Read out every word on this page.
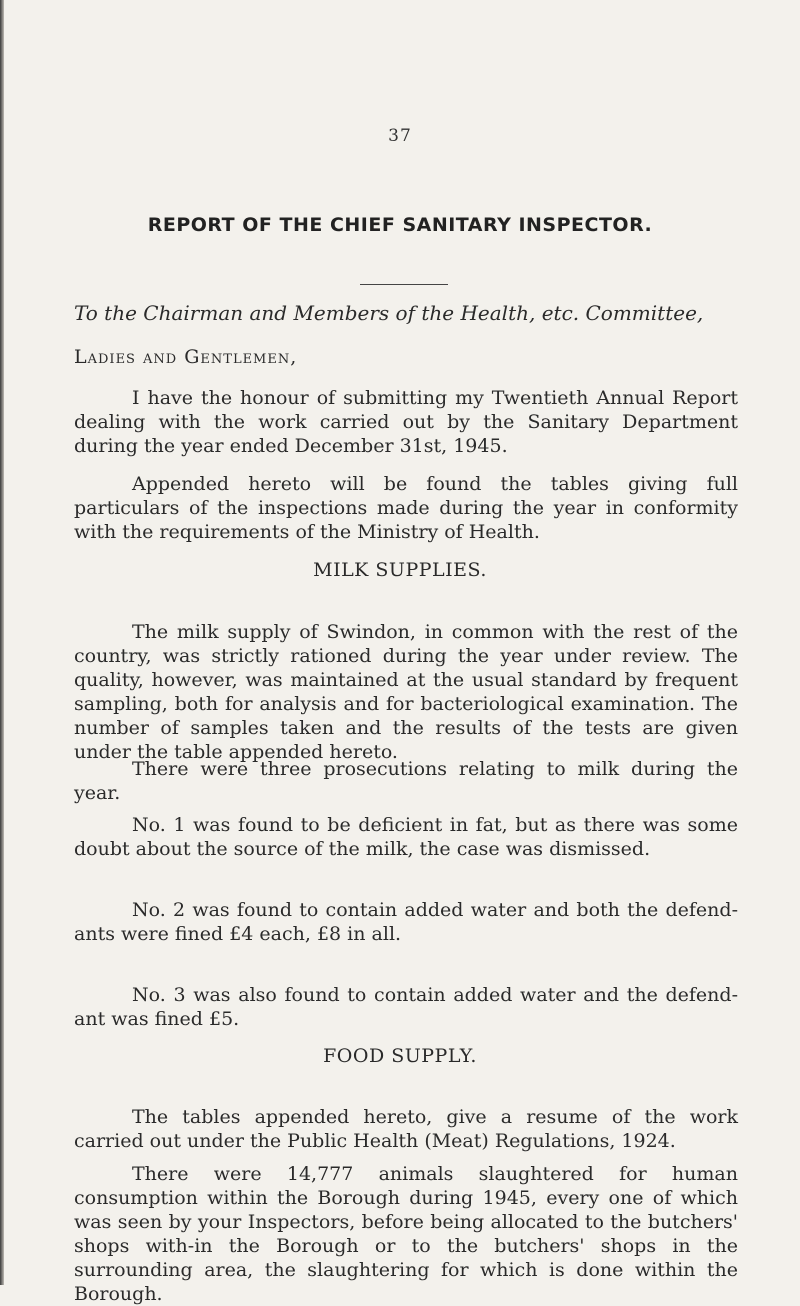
37
REPORT OF THE CHIEF SANITARY INSPECTOR.
To the Chairman and Members of the Health, etc. Committee,
Ladies and Gentlemen,

I have the honour of submitting my Twentieth Annual Report dealing with the work carried out by the Sanitary Department during the year ended December 31st, 1945.

Appended hereto will be found the tables giving full particulars of the inspections made during the year in conformity with the requirements of the Ministry of Health.

MILK SUPPLIES.

The milk supply of Swindon, in common with the rest of the country, was strictly rationed during the year under review. The quality, however, was maintained at the usual standard by frequent sampling, both for analysis and for bacteriological examination. The number of samples taken and the results of the tests are given under the table appended hereto.

There were three prosecutions relating to milk during the year.

No. 1 was found to be deficient in fat, but as there was some doubt about the source of the milk, the case was dismissed.

No. 2 was found to contain added water and both the defend-ants were fined £4 each, £8 in all.

No. 3 was also found to contain added water and the defend-ant was fined £5.

FOOD SUPPLY.

The tables appended hereto, give a resume of the work carried out under the Public Health (Meat) Regulations, 1924.

There were 14,777 animals slaughtered for human consumption within the Borough during 1945, every one of which was seen by your Inspectors, before being allocated to the butchers' shops with-in the Borough or to the butchers' shops in the surrounding area, the slaughtering for which is done within the Borough.
